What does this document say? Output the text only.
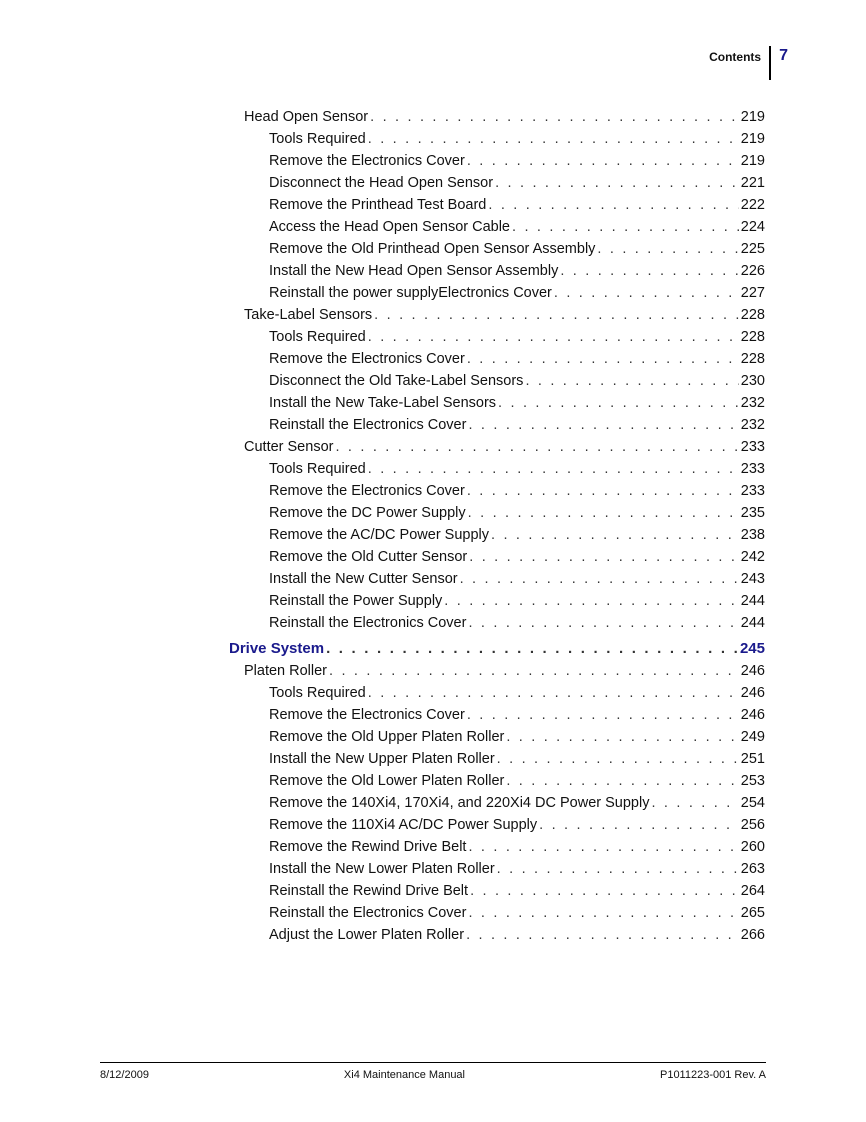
Contents 7
Head Open Sensor . . .	219
Tools Required . . .	219
Remove the Electronics Cover . . .	219
Disconnect the Head Open Sensor . . .	221
Remove the Printhead Test Board . . .	222
Access the Head Open Sensor Cable . . .	224
Remove the Old Printhead Open Sensor Assembly . . .	225
Install the New Head Open Sensor Assembly . . .	226
Reinstall the power supplyElectronics Cover . . .	227
Take-Label Sensors . . .	228
Tools Required . . .	228
Remove the Electronics Cover . . .	228
Disconnect the Old Take-Label Sensors . . .	230
Install the New Take-Label Sensors . . .	232
Reinstall the Electronics Cover . . .	232
Cutter Sensor . . .	233
Tools Required . . .	233
Remove the Electronics Cover . . .	233
Remove the DC Power Supply . . .	235
Remove the AC/DC Power Supply . . .	238
Remove the Old Cutter Sensor . . .	242
Install the New Cutter Sensor . . .	243
Reinstall the Power Supply . . .	244
Reinstall the Electronics Cover . . .	244
Drive System . . .	245
Platen Roller . . .	246
Tools Required . . .	246
Remove the Electronics Cover . . .	246
Remove the Old Upper Platen Roller . . .	249
Install the New Upper Platen Roller . . .	251
Remove the Old Lower Platen Roller . . .	253
Remove the 140Xi4, 170Xi4, and 220Xi4 DC Power Supply . . .	254
Remove the 110Xi4 AC/DC Power Supply . . .	256
Remove the Rewind Drive Belt . . .	260
Install the New Lower Platen Roller . . .	263
Reinstall the Rewind Drive Belt . . .	264
Reinstall the Electronics Cover . . .	265
Adjust the Lower Platen Roller . . .	266
8/12/2009	Xi4 Maintenance Manual	P1011223-001 Rev. A
